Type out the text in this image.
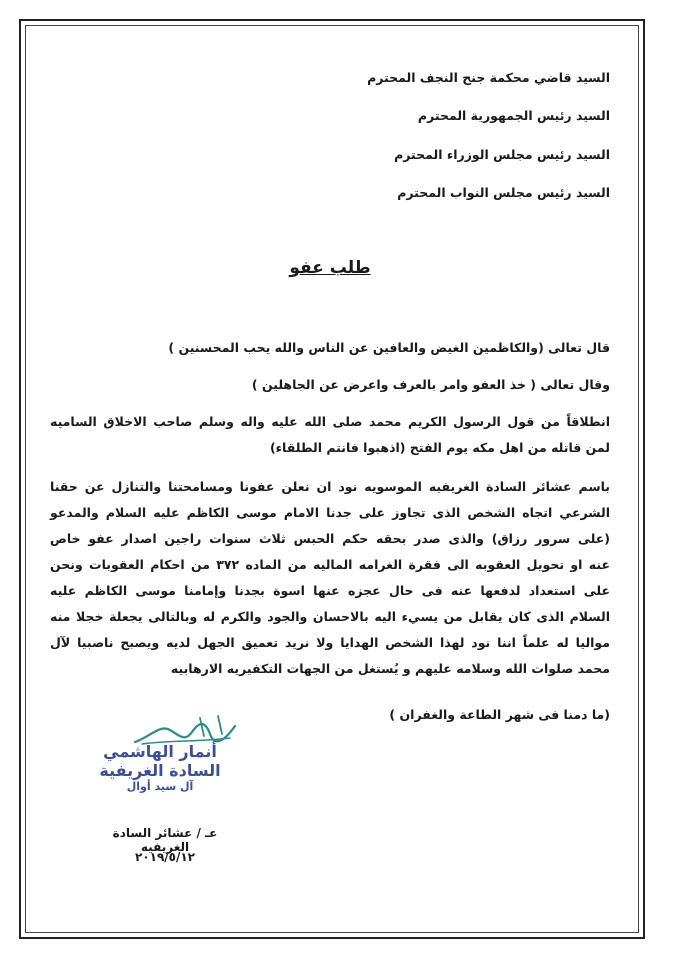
السيد قاضي محكمة جنح النجف المحترم
السيد رئيس الجمهورية المحترم
السيد رئيس مجلس الوزراء المحترم
السيد رئيس مجلس النواب المحترم
طلب عفو
قال تعالى (والكاظمين الغيض والعافين عن الناس والله يحب المحسنين )
وقال تعالى ( خذ العفو وامر بالعرف واعرض عن الجاهلين )
انطلاقاً من قول الرسول الكريم محمد صلى الله عليه واله وسلم صاحب الاخلاق الساميه
لمن قاتله من اهل مكه يوم الفتح (اذهبوا فانتم الطلقاء)
باسم عشائر السادة الغريفيه الموسويه نود ان نعلن عفونا ومسامحتنا والتنازل عن حقنا
الشرعي اتجاه الشخص الذى تجاوز على جدنا الامام موسى الكاظم عليه السلام والمدعو
(على سرور رزاق) والذى صدر بحقه حكم الحبس ثلاث سنوات راجين اصدار عفو خاص
عنه او تحويل العقوبه الى فقرة الغرامه الماليه من الماده ٣٧٢ من احكام العقوبات ونحن
على استعداد لدفعها عنه فى حال عجزه عنها اسوة بجدنا وإمامنا موسى الكاظم عليه
السلام الذى كان يقابل من يسيء اليه بالاحسان والجود والكرم له وبالتالى يجعلة خجلا منه
مواليا له علماً اننا نود لهذا الشخص الهدايا ولا نريد تعميق الجهل لديه ويصبح ناصبيا لآل
محمد صلوات الله وسلامه عليهم و يُستغل من الجهات التكفيريه الارهابيه
(ما دمنا فى شهر الطاعة والغفران )
أنمار الهاشمي
السادة الغريفية
آل سيد أوال
عـ / عشائر السادة الغريفيه
٢٠١٩/٥/١٢
